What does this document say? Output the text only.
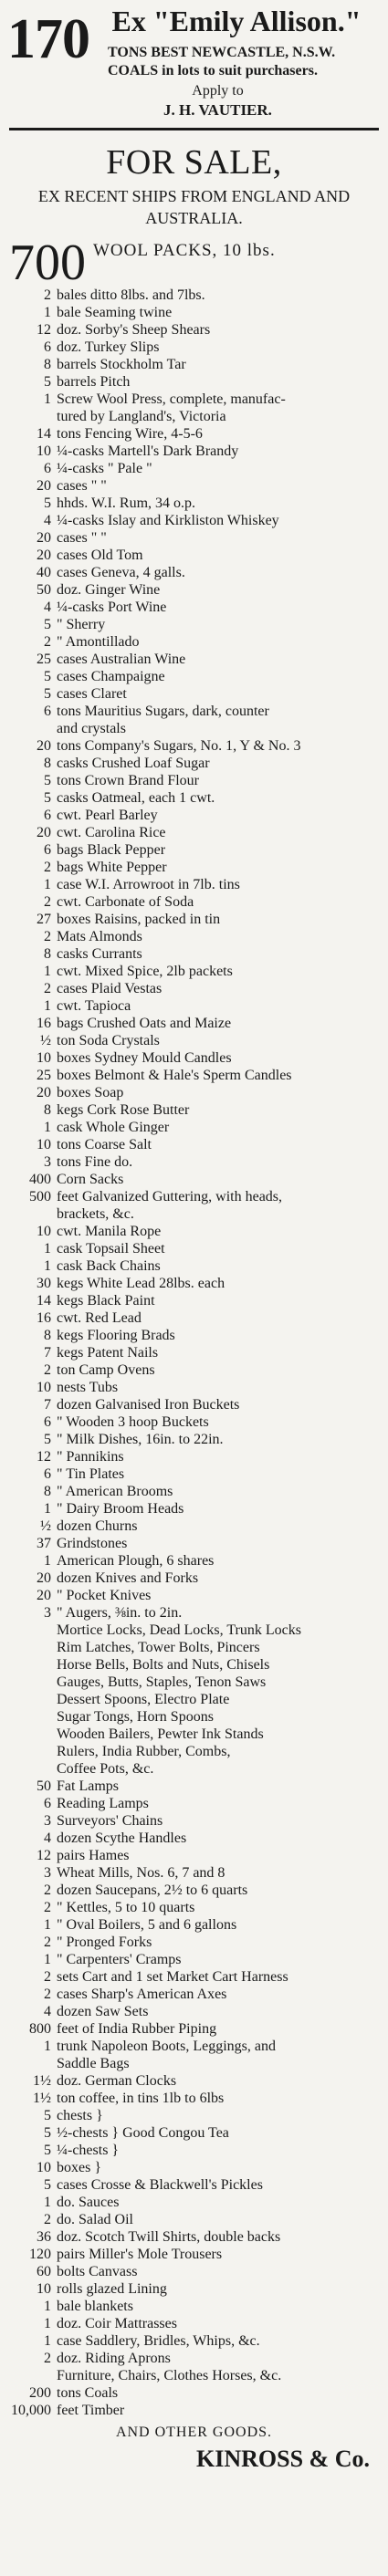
170 Ex "Emily Allison."
TONS BEST NEWCASTLE, N.S.W.
COALS in lots to suit purchasers.
Apply to
J. H. VAUTIER.
FOR SALE,
EX RECENT SHIPS FROM ENGLAND AND
AUSTRALIA.
700 WOOL PACKS, 10 lbs.
2 bales ditto 8lbs. and 7lbs.
1 bale Seaming twine
12 doz. Sorby's Sheep Shears
6 doz. Turkey Slips
8 barrels Stockholm Tar
5 barrels Pitch
1 Screw Wool Press, complete, manufac-
tured by Langland's, Victoria
14 tons Fencing Wire, 4-5-6
10 ¼-casks Martell's Dark Brandy
6 ¼-casks " Pale "
20 cases " "
5 hhds. W.I. Rum, 34 o.p.
4 ¼-casks Islay and Kirkliston Whiskey
20 cases " "
20 cases Old Tom
40 cases Geneva, 4 galls.
50 doz. Ginger Wine
4 ¼-casks Port Wine
5 " Sherry
2 " Amontillado
25 cases Australian Wine
5 cases Champaigne
5 cases Claret
6 tons Mauritius Sugars, dark, counter
and crystals
20 tons Company's Sugars, No. 1, Y & No. 3
8 casks Crushed Loaf Sugar
5 tons Crown Brand Flour
5 casks Oatmeal, each 1 cwt.
6 cwt. Pearl Barley
20 cwt. Carolina Rice
6 bags Black Pepper
2 bags White Pepper
1 case W.I. Arrowroot in 7lb. tins
2 cwt. Carbonate of Soda
27 boxes Raisins, packed in tin
2 Mats Almonds
8 casks Currants
1 cwt. Mixed Spice, 2lb packets
2 cases Plaid Vestas
1 cwt. Tapioca
16 bags Crushed Oats and Maize
½ ton Soda Crystals
10 boxes Sydney Mould Candles
25 boxes Belmont & Hale's Sperm Candles
20 boxes Soap
8 kegs Cork Rose Butter
1 cask Whole Ginger
10 tons Coarse Salt
3 tons Fine do.
400 Corn Sacks
500 feet Galvanized Guttering, with heads,
brackets, &c.
10 cwt. Manila Rope
1 cask Topsail Sheet
1 cask Back Chains
30 kegs White Lead 28lbs. each
14 kegs Black Paint
16 cwt. Red Lead
8 kegs Flooring Brads
7 kegs Patent Nails
2 ton Camp Ovens
10 nests Tubs
7 dozen Galvanised Iron Buckets
6 " Wooden 3 hoop Buckets
5 " Milk Dishes, 16in. to 22in.
12 " Pannikins
6 " Tin Plates
8 " American Brooms
1 " Dairy Broom Heads
½ dozen Churns
37 Grindstones
1 American Plough, 6 shares
20 dozen Knives and Forks
20 " Pocket Knives
3 " Augers, ⅜in. to 2in.
Mortice Locks, Dead Locks, Trunk Locks
Rim Latches, Tower Bolts, Pincers
Horse Bells, Bolts and Nuts, Chisels
Gauges, Butts, Staples, Tenon Saws
Dessert Spoons, Electro Plate
Sugar Tongs, Horn Spoons
Wooden Bailers, Pewter Ink Stands
Rulers, India Rubber, Combs,
Coffee Pots, &c.
50 Fat Lamps
6 Reading Lamps
3 Surveyors' Chains
4 dozen Scythe Handles
12 pairs Hames
3 Wheat Mills, Nos. 6, 7 and 8
2 dozen Saucepans, 2½ to 6 quarts
2 " Kettles, 5 to 10 quarts
1 " Oval Boilers, 5 and 6 gallons
2 " Pronged Forks
1 " Carpenters' Cramps
2 sets Cart and 1 set Market Cart Harness
2 cases Sharp's American Axes
4 dozen Saw Sets
800 feet of India Rubber Piping
1 trunk Napoleon Boots, Leggings, and
Saddle Bags
1½ doz. German Clocks
1½ ton coffee, in tins 1lb to 6lbs
5 chests }
5 ½-chests } Good Congou Tea
5 ¼-chests }
10 boxes }
5 cases Crosse & Blackwell's Pickles
1 do. Sauces
2 do. Salad Oil
36 doz. Scotch Twill Shirts, double backs
120 pairs Miller's Mole Trousers
60 bolts Canvass
10 rolls glazed Lining
1 bale blankets
1 doz. Coir Mattrasses
1 case Saddlery, Bridles, Whips, &c.
2 doz. Riding Aprons
Furniture, Chairs, Clothes Horses, &c.
200 tons Coals
10,000 feet Timber
AND OTHER GOODS.
KINROSS & Co.
